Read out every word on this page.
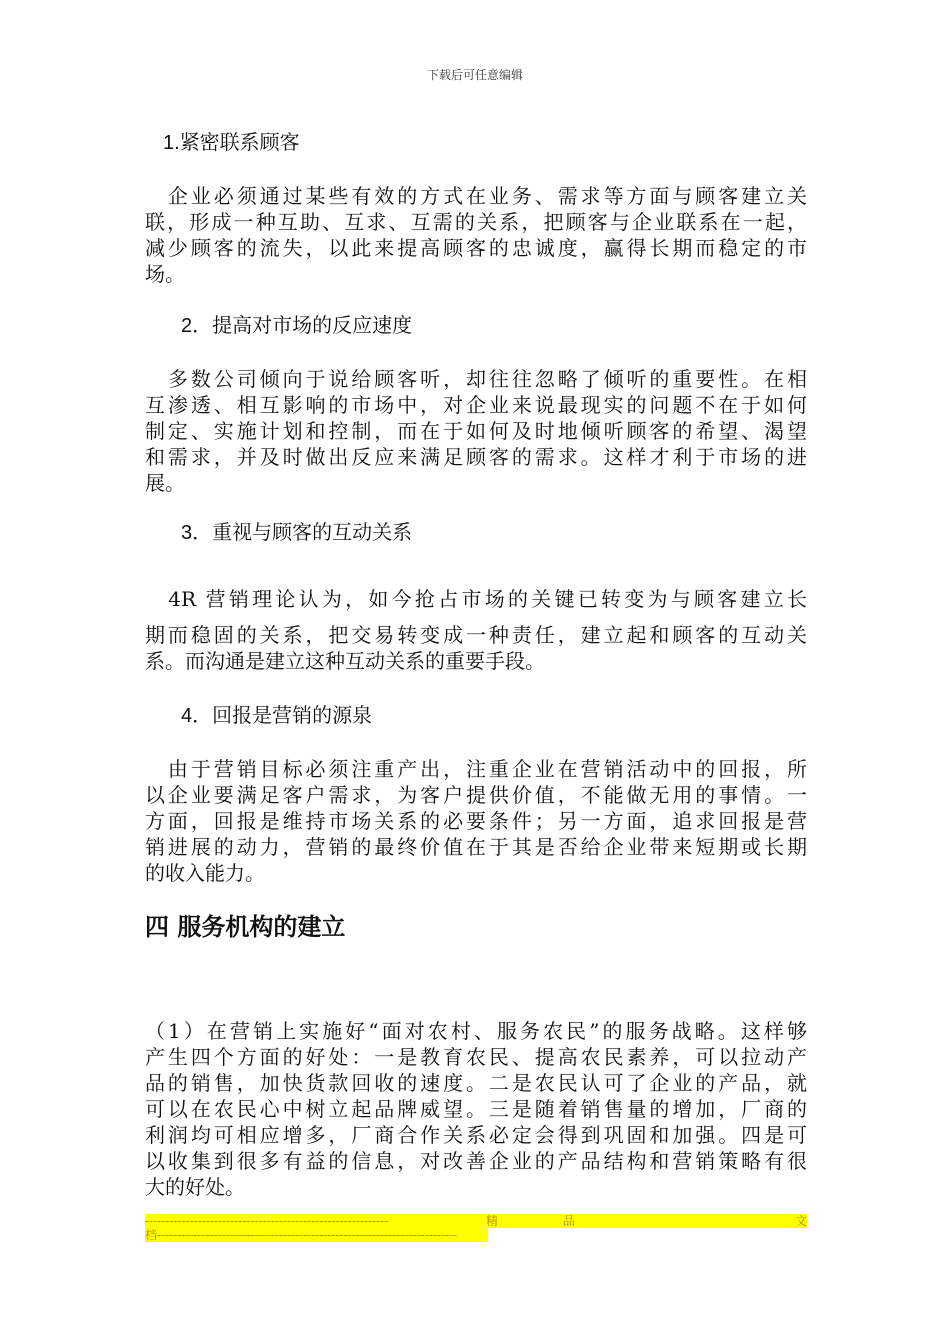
下载后可任意编辑
1.紧密联系顾客
　企业必须通过某些有效的方式在业务、需求等方面与顾客建立关
联，形成一种互助、互求、互需的关系，把顾客与企业联系在一起，
减少顾客的流失，以此来提高顾客的忠诚度，赢得长期而稳定的市
场。
2．提高对市场的反应速度
　多数公司倾向于说给顾客听，却往往忽略了倾听的重要性。在相
互渗透、相互影响的市场中，对企业来说最现实的问题不在于如何
制定、实施计划和控制，而在于如何及时地倾听顾客的希望、渴望
和需求，并及时做出反应来满足顾客的需求。这样才利于市场的进
展。
3．重视与顾客的互动关系
　4R 营销理论认为，如今抢占市场的关键已转变为与顾客建立长
期而稳固的关系，把交易转变成一种责任，建立起和顾客的互动关
系。而沟通是建立这种互动关系的重要手段。
4．回报是营销的源泉
　由于营销目标必须注重产出，注重企业在营销活动中的回报，所
以企业要满足客户需求，为客户提供价值，不能做无用的事情。一
方面，回报是维持市场关系的必要条件；另一方面，追求回报是营
销进展的动力，营销的最终价值在于其是否给企业带来短期或长期
的收入能力。
四 服务机构的建立
（1）在营销上实施好“面对农村、服务农民”的服务战略。这样够
产生四个方面的好处：一是教育农民、提高农民素养，可以拉动产
品的销售，加快货款回收的速度。二是农民认可了企业的产品，就
可以在农民心中树立起品牌威望。三是随着销售量的增加，厂商的
利润均可相应增多，厂商合作关系必定会得到巩固和加强。四是可
以收集到很多有益的信息，对改善企业的产品结构和营销策略有很
大的好处。
------------------------------------------------------------	精	品	文
档--------------------------------------------------------------------------
